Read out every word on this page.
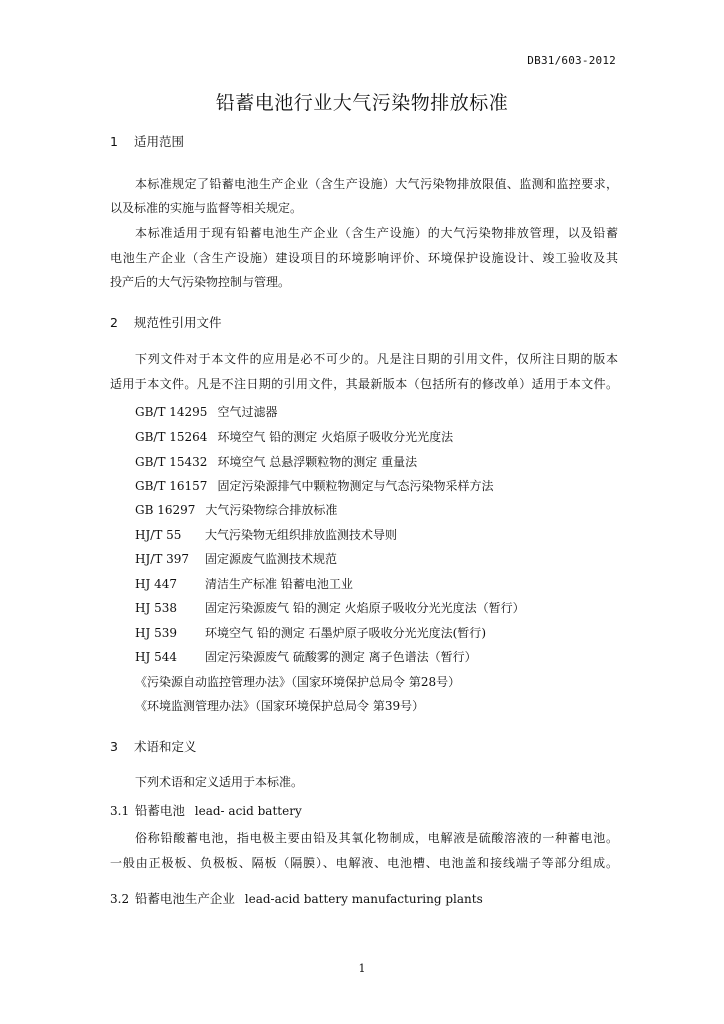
DB31/603-2012
铅蓄电池行业大气污染物排放标准
1 适用范围
本标准规定了铅蓄电池生产企业（含生产设施）大气污染物排放限值、监测和监控要求，
以及标准的实施与监督等相关规定。
本标准适用于现有铅蓄电池生产企业（含生产设施）的大气污染物排放管理，以及铅蓄
电池生产企业（含生产设施）建设项目的环境影响评价、环境保护设施设计、竣工验收及其
投产后的大气污染物控制与管理。
2 规范性引用文件
下列文件对于本文件的应用是必不可少的。凡是注日期的引用文件，仅所注日期的版本
适用于本文件。凡是不注日期的引用文件，其最新版本（包括所有的修改单）适用于本文件。
GB/T 14295 空气过滤器
GB/T 15264 环境空气 铅的测定 火焰原子吸收分光光度法
GB/T 15432 环境空气 总悬浮颗粒物的测定 重量法
GB/T 16157 固定污染源排气中颗粒物测定与气态污染物采样方法
GB 16297 大气污染物综合排放标准
HJ/T 55 大气污染物无组织排放监测技术导则
HJ/T 397 固定源废气监测技术规范
HJ 447 清洁生产标准 铅蓄电池工业
HJ 538 固定污染源废气 铅的测定 火焰原子吸收分光光度法（暂行）
HJ 539 环境空气 铅的测定 石墨炉原子吸收分光光度法(暂行)
HJ 544 固定污染源废气 硫酸雾的测定 离子色谱法（暂行）
《污染源自动监控管理办法》（国家环境保护总局令 第28号）
《环境监测管理办法》（国家环境保护总局令 第39号）
3 术语和定义
下列术语和定义适用于本标准。
3.1 铅蓄电池 lead- acid battery
俗称铅酸蓄电池，指电极主要由铅及其氧化物制成，电解液是硫酸溶液的一种蓄电池。
一般由正极板、负极板、隔板（隔膜）、电解液、电池槽、电池盖和接线端子等部分组成。
3.2 铅蓄电池生产企业 lead-acid battery manufacturing plants
1
